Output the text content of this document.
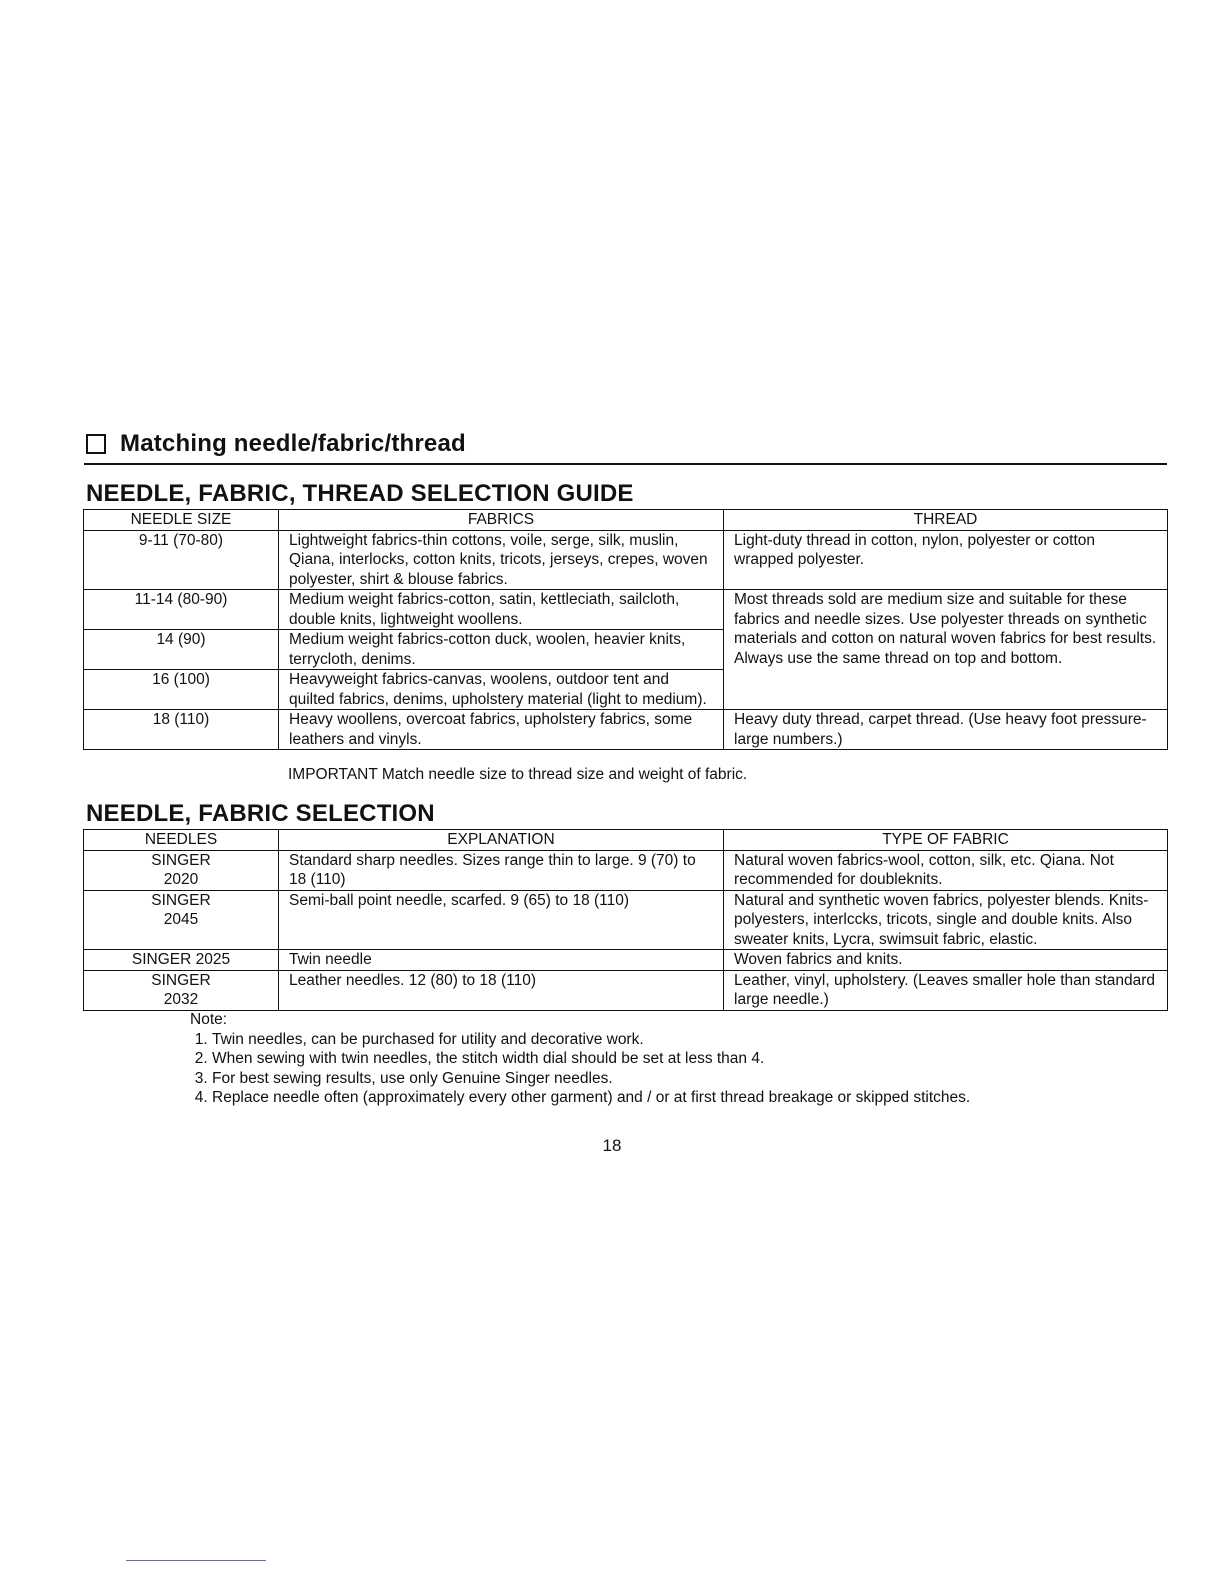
Matching needle/fabric/thread
NEEDLE, FABRIC, THREAD SELECTION GUIDE
NEEDLE SIZE	FABRICS	THREAD
9-11 (70-80)	Lightweight fabrics-thin cottons, voile, serge, silk, muslin, Qiana, interlocks, cotton knits, tricots, jerseys, crepes, woven polyester, shirt & blouse fabrics.	Light-duty thread in cotton, nylon, polyester or cotton wrapped polyester.
11-14 (80-90)	Medium weight fabrics-cotton, satin, kettleciath, sailcloth, double knits, lightweight woollens.	Most threads sold are medium size and suitable for these fabrics and needle sizes. Use polyester threads on synthetic materials and cotton on natural woven fabrics for best results. Always use the same thread on top and bottom.
14 (90)	Medium weight fabrics-cotton duck, woolen, heavier knits, terrycloth, denims.	
16 (100)	Heavyweight fabrics-canvas, woolens, outdoor tent and quilted fabrics, denims, upholstery material (light to medium).	
18 (110)	Heavy woollens, overcoat fabrics, upholstery fabrics, some leathers and vinyls.	Heavy duty thread, carpet thread. (Use heavy foot pressure- large numbers.)
IMPORTANT Match needle size to thread size and weight of fabric.
NEEDLE, FABRIC SELECTION
NEEDLES	EXPLANATION	TYPE OF FABRIC

SINGER
2020	Standard sharp needles. Sizes range thin to large. 9 (70) to 18 (110)	Natural woven fabrics-wool, cotton, silk, etc. Qiana. Not recommended for doubleknits.

SINGER
2045	Semi-ball point needle, scarfed. 9 (65) to 18 (110)	Natural and synthetic woven fabrics, polyester blends. Knits-polyesters, interlccks, tricots, single and double knits. Also sweater knits, Lycra, swimsuit fabric, elastic.
SINGER 2025	Twin needle	Woven fabrics and knits.

SINGER
2032	Leather needles. 12 (80) to 18 (110)	Leather, vinyl, upholstery. (Leaves smaller hole than standard large needle.)
Note:
1. Twin needles, can be purchased for utility and decorative work.
2. When sewing with twin needles, the stitch width dial should be set at less than 4.
3. For best sewing results, use only Genuine Singer needles.
4. Replace needle often (approximately every other garment) and / or at first thread breakage or skipped stitches.
18
